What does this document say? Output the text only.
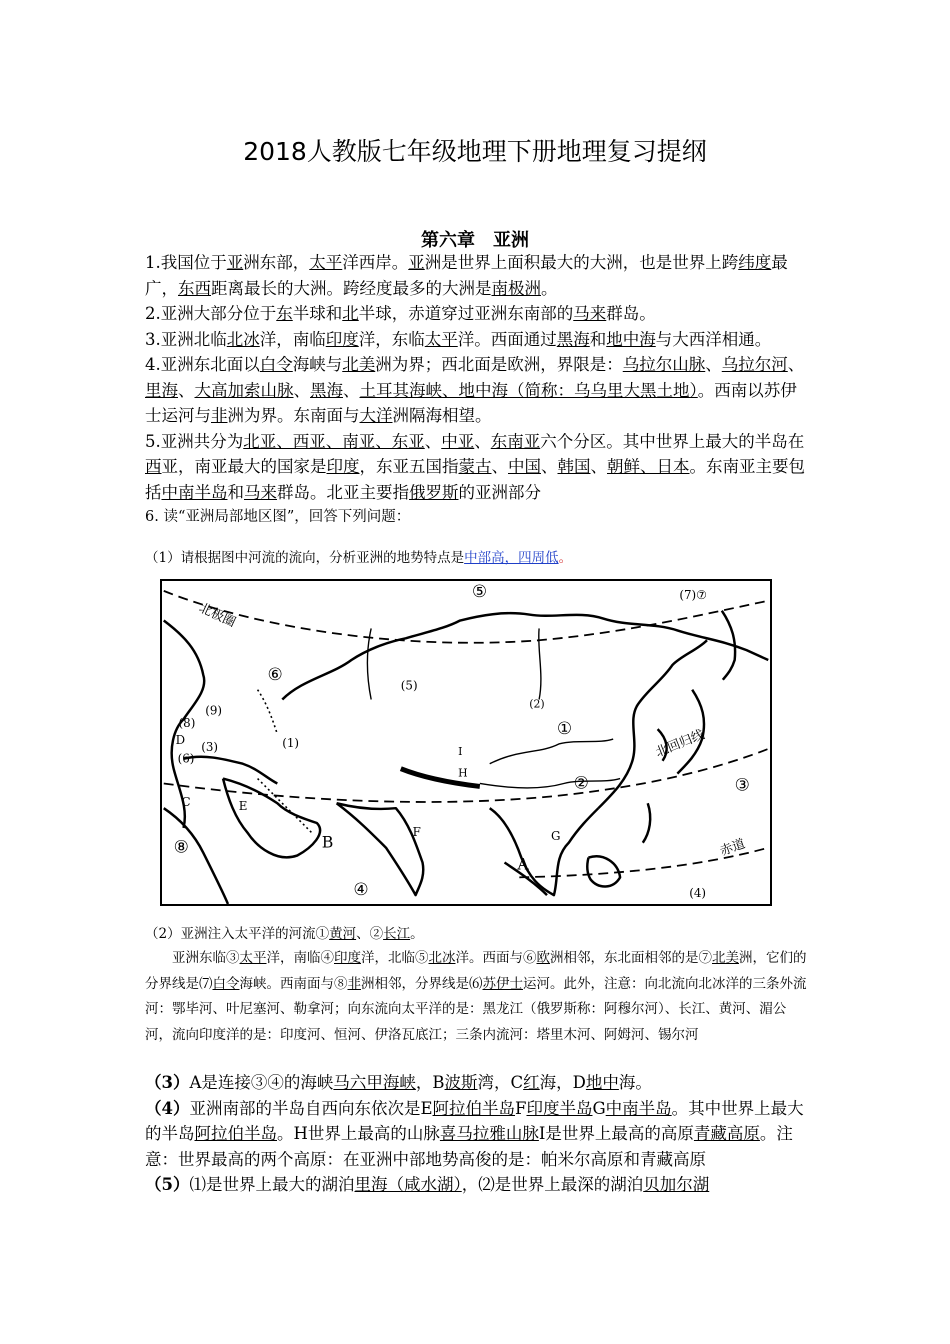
2018人教版七年级地理下册地理复习提纲
第六章　亚洲

1.我国位于亚洲东部，太平洋西岸。亚洲是世界上面积最大的大洲，也是世界上跨纬度最广，东西距离最长的大洲。跨经度最多的大洲是南极洲。

2.亚洲大部分位于东半球和北半球，赤道穿过亚洲东南部的马来群岛。

3.亚洲北临北冰洋，南临印度洋，东临太平洋。西面通过黑海和地中海与大西洋相通。

4.亚洲东北面以白令海峡与北美洲为界；西北面是欧洲，界限是：乌拉尔山脉、乌拉尔河、里海、大高加索山脉、黑海、土耳其海峡、地中海（简称：乌乌里大黑土地）。西南以苏伊士运河与非洲为界。东南面与大洋洲隔海相望。

5.亚洲共分为北亚、西亚、南亚、东亚、中亚、东南亚六个分区。其中世界上最大的半岛在西亚，南亚最大的国家是印度，东亚五国指蒙古、中国、韩国、朝鲜、日本。东南亚主要包括中南半岛和马来群岛。北亚主要指俄罗斯的亚洲部分

6. 读“亚洲局部地区图”，回答下列问题：

（1）请根据图中河流的流向，分析亚洲的地势特点是中部高，四周低。
北极圈
北回归线
赤道
⑤	(7)⑦
⑥
①
②	③
④
⑧
(5)
(2)
(1)
(9)
(8)
(3)
(6)
(4)
D
C	E
B
F	G
A
I
H

（2）亚洲注入太平洋的河流①黄河、②长江。

亚洲东临③太平洋，南临④印度洋，北临⑤北冰洋。西面与⑥欧洲相邻，东北面相邻的是⑦北美洲，它们的分界线是⑺白令海峡。西南面与⑧非洲相邻，分界线是⑹苏伊士运河。此外，注意：向北流向北冰洋的三条外流河：鄂毕河、叶尼塞河、勒拿河；向东流向太平洋的是：黑龙江（俄罗斯称：阿穆尔河）、长江、黄河、湄公河，流向印度洋的是：印度河、恒河、伊洛瓦底江；三条内流河：塔里木河、阿姆河、锡尔河

（3）A是连接③④的海峡马六甲海峡，B波斯湾，C红海，D地中海。

（4）亚洲南部的半岛自西向东依次是E阿拉伯半岛F印度半岛G中南半岛。其中世界上最大的半岛阿拉伯半岛。H世界上最高的山脉喜马拉雅山脉I是世界上最高的高原青藏高原。注意：世界最高的两个高原：在亚洲中部地势高俊的是：帕米尔高原和青藏高原

（5）⑴是世界上最大的湖泊里海（咸水湖），⑵是世界上最深的湖泊贝加尔湖
